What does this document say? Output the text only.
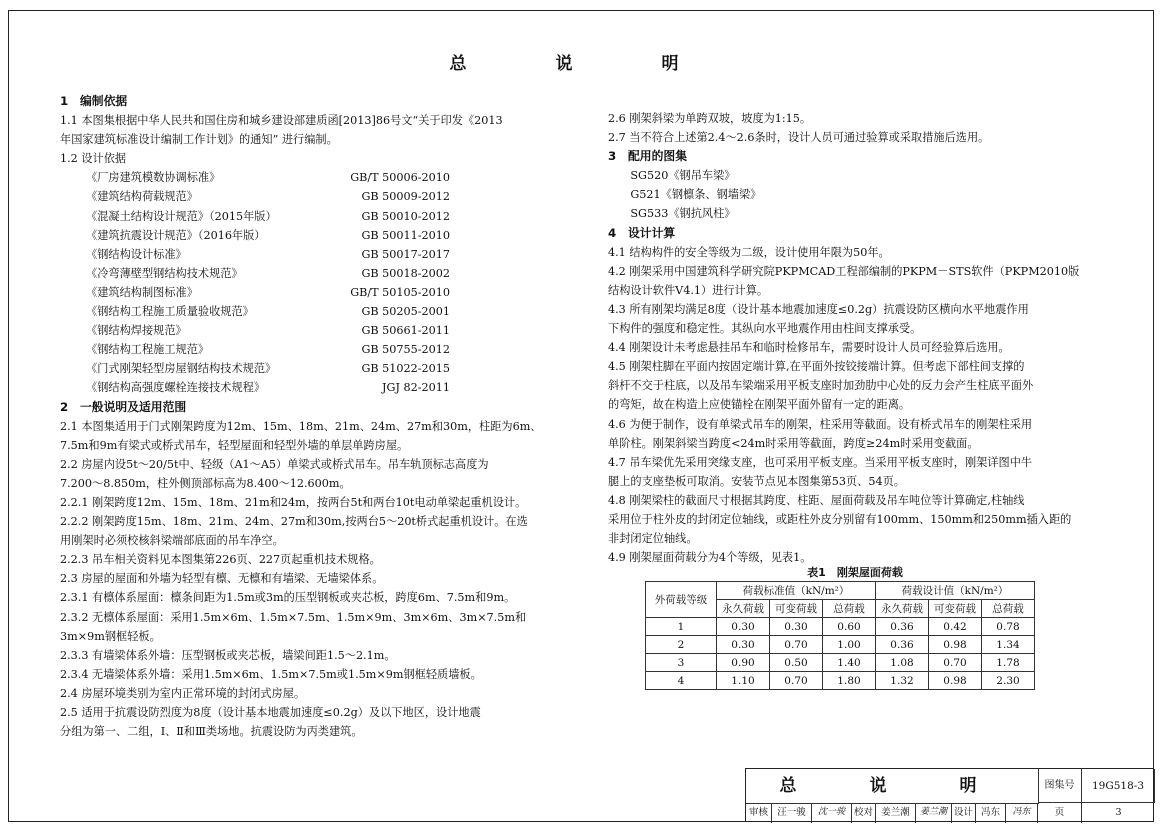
总　说　明
1　编制依据
1.1 本图集根据中华人民共和国住房和城乡建设部建质函[2013]86号文“关于印发《2013
年国家建筑标准设计编制工作计划》的通知” 进行编制。
1.2 设计依据
《厂房建筑模数协调标准》	GB/T 50006-2010
《建筑结构荷载规范》	GB 50009-2012
《混凝土结构设计规范》（2015年版）	GB 50010-2012
《建筑抗震设计规范》（2016年版）	GB 50011-2010
《钢结构设计标准》	GB 50017-2017
《冷弯薄壁型钢结构技术规范》	GB 50018-2002
《建筑结构制图标准》	GB/T 50105-2010
《钢结构工程施工质量验收规范》	GB 50205-2001
《钢结构焊接规范》	GB 50661-2011
《钢结构工程施工规范》	GB 50755-2012
《门式刚架轻型房屋钢结构技术规范》	GB 51022-2015
《钢结构高强度螺栓连接技术规程》	JGJ 82-2011
2　一般说明及适用范围
2.1 本图集适用于门式刚架跨度为12m、15m、18m、21m、24m、27m和30m，柱距为6m、
7.5m和9m有梁式或桥式吊车，轻型屋面和轻型外墙的单层单跨房屋。
2.2 房屋内设5t～20/5t中、轻级（A1～A5）单梁式或桥式吊车。吊车轨顶标志高度为
7.200～8.850m，柱外侧顶部标高为8.400～12.600m。
2.2.1 刚架跨度12m、15m、18m、21m和24m，按两台5t和两台10t电动单梁起重机设计。
2.2.2 刚架跨度15m、18m、21m、24m、27m和30m,按两台5～20t桥式起重机设计。在选
用刚架时必须校核斜梁端部底面的吊车净空。
2.2.3 吊车相关资料见本图集第226页、227页起重机技术规格。
2.3 房屋的屋面和外墙为轻型有檩、无檩和有墙梁、无墙梁体系。
2.3.1 有檩体系屋面：檩条间距为1.5m或3m的压型钢板或夹芯板，跨度6m、7.5m和9m。
2.3.2 无檩体系屋面：采用1.5m×6m、1.5m×7.5m、1.5m×9m、3m×6m、3m×7.5m和
3m×9m钢框轻板。
2.3.3 有墙梁体系外墙：压型钢板或夹芯板，墙梁间距1.5～2.1m。
2.3.4 无墙梁体系外墙：采用1.5m×6m、1.5m×7.5m或1.5m×9m钢框轻质墙板。
2.4 房屋环境类别为室内正常环境的封闭式房屋。
2.5 适用于抗震设防烈度为8度（设计基本地震加速度≤0.2g）及以下地区，设计地震
分组为第一、二组，Ⅰ、Ⅱ和Ⅲ类场地。抗震设防为丙类建筑。
2.6 刚架斜梁为单跨双坡，坡度为1:15。
2.7 当不符合上述第2.4～2.6条时，设计人员可通过验算或采取措施后选用。
3　配用的图集
　　SG520《钢吊车梁》
　　G521《钢檩条、钢墙梁》
　　SG533《钢抗风柱》
4　设计计算
4.1 结构构件的安全等级为二级，设计使用年限为50年。
4.2 刚架采用中国建筑科学研究院PKPMCAD工程部编制的PKPM－STS软件（PKPM2010版
结构设计软件V4.1）进行计算。
4.3 所有刚架均满足8度（设计基本地震加速度≤0.2g）抗震设防区横向水平地震作用
下构件的强度和稳定性。其纵向水平地震作用由柱间支撑承受。
4.4 刚架设计未考虑悬挂吊车和临时检修吊车，需要时设计人员可经验算后选用。
4.5 刚架柱脚在平面内按固定端计算,在平面外按铰接端计算。但考虑下部柱间支撑的
斜杆不交于柱底，以及吊车梁端采用平板支座时加劲肋中心处的反力会产生柱底平面外
的弯矩，故在构造上应使锚栓在刚架平面外留有一定的距离。
4.6 为便于制作，设有单梁式吊车的刚架，柱采用等截面。设有桥式吊车的刚架柱采用
单阶柱。刚架斜梁当跨度<24m时采用等截面，跨度≥24m时采用变截面。
4.7 吊车梁优先采用突缘支座，也可采用平板支座。当采用平板支座时，刚架详图中牛
腿上的支座垫板可取消。安装节点见本图集第53页、54页。
4.8 刚架梁柱的截面尺寸根据其跨度、柱距、屋面荷载及吊车吨位等计算确定,柱轴线
采用位于柱外皮的封闭定位轴线，或距柱外皮分别留有100mm、150mm和250mm插入距的
非封闭定位轴线。
4.9 刚架屋面荷载分为4个等级，见表1。
表1　刚架屋面荷载
外荷载等级	荷载标准值（kN/m²）			荷载设计值（kN/m²）		
	永久荷载	可变荷载	总荷载	永久荷载	可变荷载	总荷载
1	0.30	0.30	0.60	0.36	0.42	0.78
2	0.30	0.70	1.00	0.36	0.98	1.34
3	0.90	0.50	1.40	1.08	0.70	1.78
4	1.10	0.70	1.80	1.32	0.98	2.30
总　说　明	图集号	19G518-3
审核 汪一骏	沈一骏 校对 姜兰潮	姜兰潮 设计 冯东	冯东	页	3
